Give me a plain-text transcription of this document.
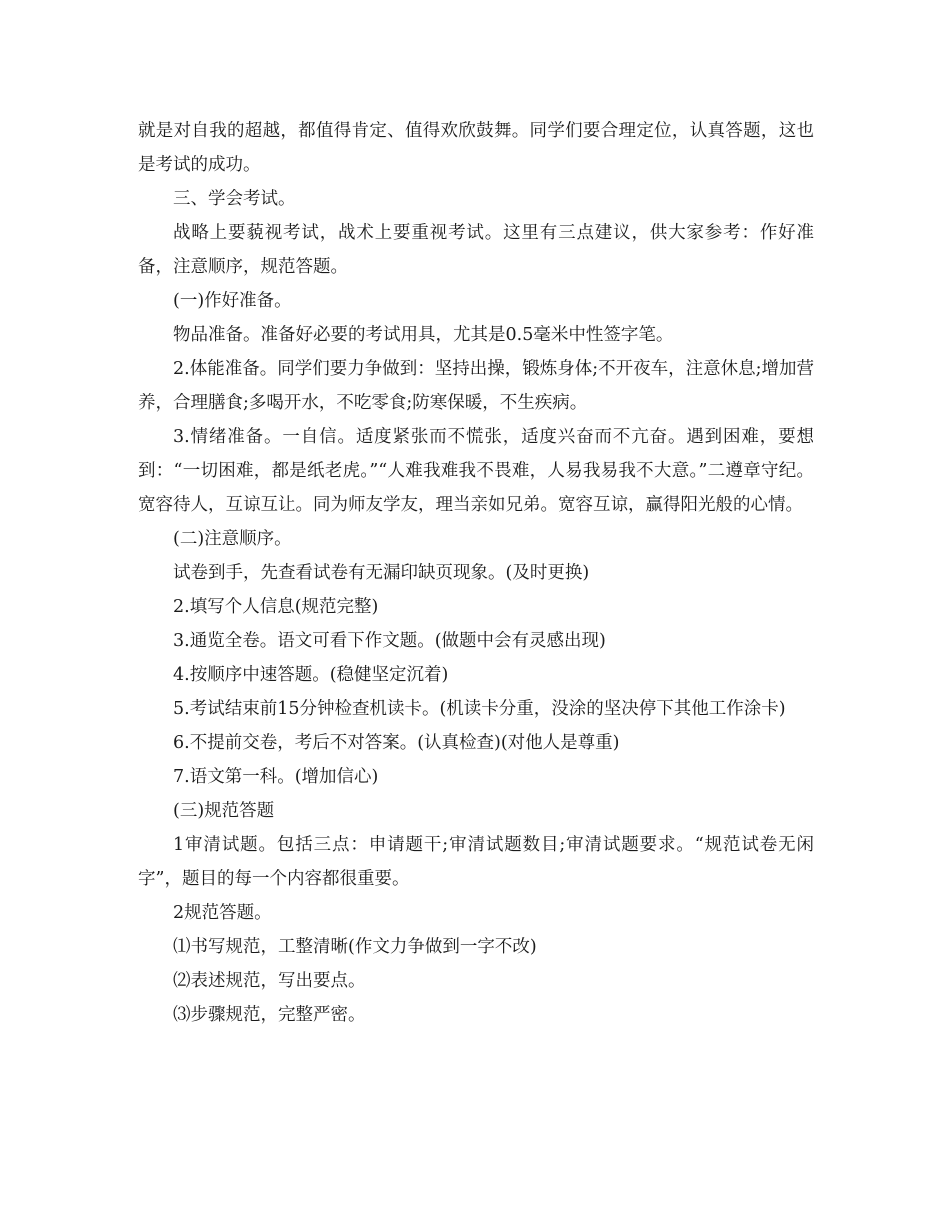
就是对自我的超越，都值得肯定、值得欢欣鼓舞。同学们要合理定位，认真答题，这也是考试的成功。

三、学会考试。

战略上要藐视考试，战术上要重视考试。这里有三点建议，供大家参考：作好准备，注意顺序，规范答题。

(一)作好准备。

物品准备。准备好必要的考试用具，尤其是0.5毫米中性签字笔。

2.体能准备。同学们要力争做到：坚持出操，锻炼身体;不开夜车，注意休息;增加营养，合理膳食;多喝开水，不吃零食;防寒保暖，不生疾病。

3.情绪准备。一自信。适度紧张而不慌张，适度兴奋而不亢奋。遇到困难，要想到：“一切困难，都是纸老虎。”“人难我难我不畏难，人易我易我不大意。”二遵章守纪。宽容待人，互谅互让。同为师友学友，理当亲如兄弟。宽容互谅，赢得阳光般的心情。

(二)注意顺序。

试卷到手，先查看试卷有无漏印缺页现象。(及时更换)

2.填写个人信息(规范完整)

3.通览全卷。语文可看下作文题。(做题中会有灵感出现)

4.按顺序中速答题。(稳健坚定沉着)

5.考试结束前15分钟检查机读卡。(机读卡分重，没涂的坚决停下其他工作涂卡)

6.不提前交卷，考后不对答案。(认真检查)(对他人是尊重)

7.语文第一科。(增加信心)

(三)规范答题

1审清试题。包括三点：申请题干;审清试题数目;审清试题要求。“规范试卷无闲字”，题目的每一个内容都很重要。

2规范答题。

⑴书写规范，工整清晰(作文力争做到一字不改)

⑵表述规范，写出要点。

⑶步骤规范，完整严密。
